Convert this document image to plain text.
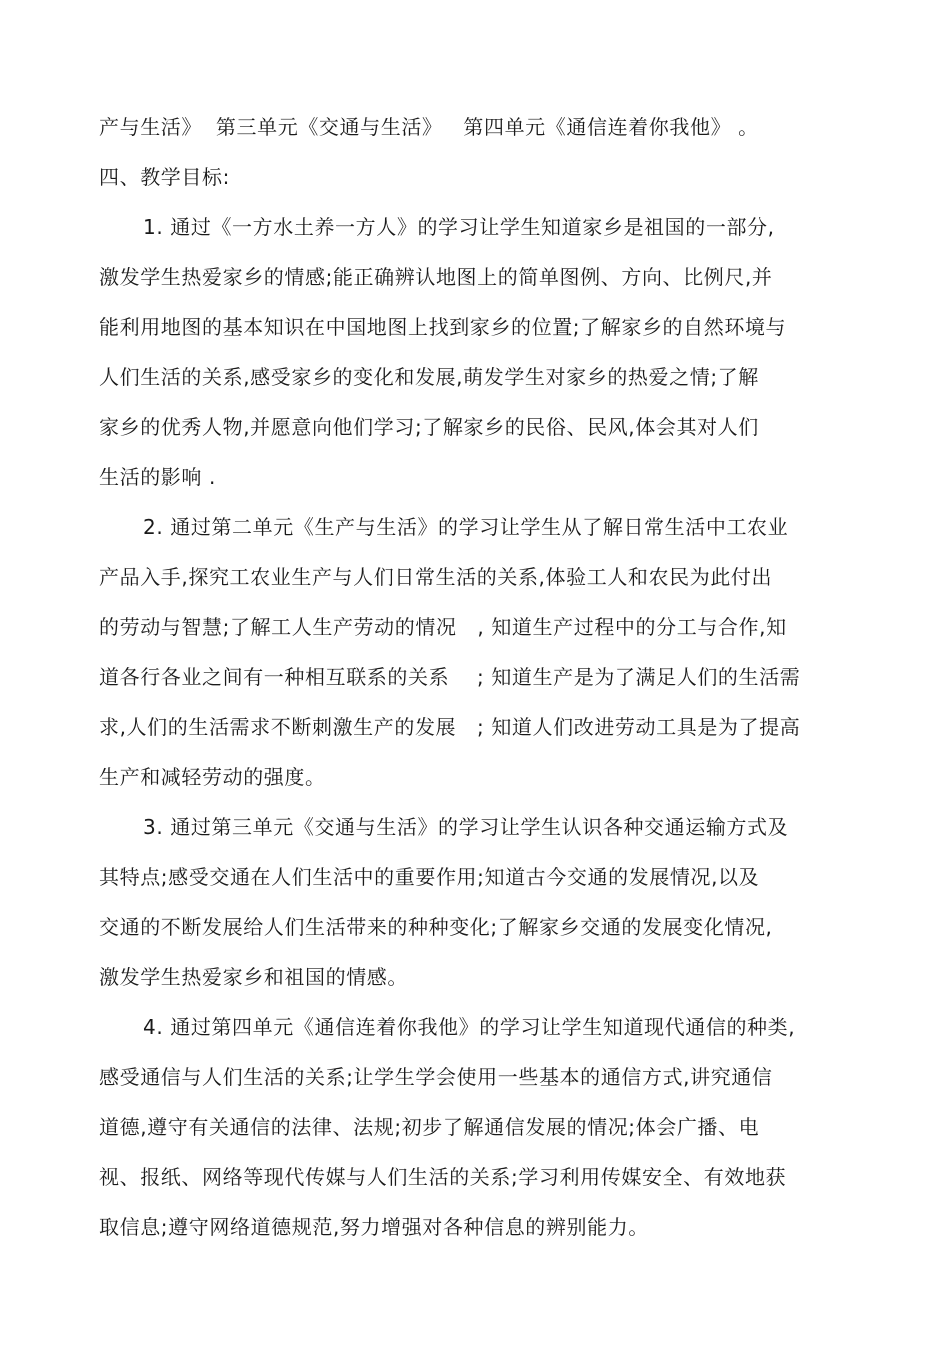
产与生活》  第三单元《交通与生活》   第四单元《通信连着你我他》 。
四、教学目标:
1. 通过《一方水土养一方人》的学习让学生知道家乡是祖国的一部分,
激发学生热爱家乡的情感;能正确辨认地图上的简单图例、方向、比例尺,并
能利用地图的基本知识在中国地图上找到家乡的位置;了解家乡的自然环境与
人们生活的关系,感受家乡的变化和发展,萌发学生对家乡的热爱之情;了解
家乡的优秀人物,并愿意向他们学习;了解家乡的民俗、民风,体会其对人们
生活的影响 .
2. 通过第二单元《生产与生活》的学习让学生从了解日常生活中工农业
产品入手,探究工农业生产与人们日常生活的关系,体验工人和农民为此付出
的劳动与智慧;了解工人生产劳动的情况   , 知道生产过程中的分工与合作,知
道各行各业之间有一种相互联系的关系    ; 知道生产是为了满足人们的生活需
求,人们的生活需求不断刺激生产的发展   ; 知道人们改进劳动工具是为了提高
生产和减轻劳动的强度。
3. 通过第三单元《交通与生活》的学习让学生认识各种交通运输方式及
其特点;感受交通在人们生活中的重要作用;知道古今交通的发展情况,以及
交通的不断发展给人们生活带来的种种变化;了解家乡交通的发展变化情况,
激发学生热爱家乡和祖国的情感。
4. 通过第四单元《通信连着你我他》的学习让学生知道现代通信的种类,
感受通信与人们生活的关系;让学生学会使用一些基本的通信方式,讲究通信
道德,遵守有关通信的法律、法规;初步了解通信发展的情况;体会广播、电
视、报纸、网络等现代传媒与人们生活的关系;学习利用传媒安全、有效地获
取信息;遵守网络道德规范,努力增强对各种信息的辨别能力。
